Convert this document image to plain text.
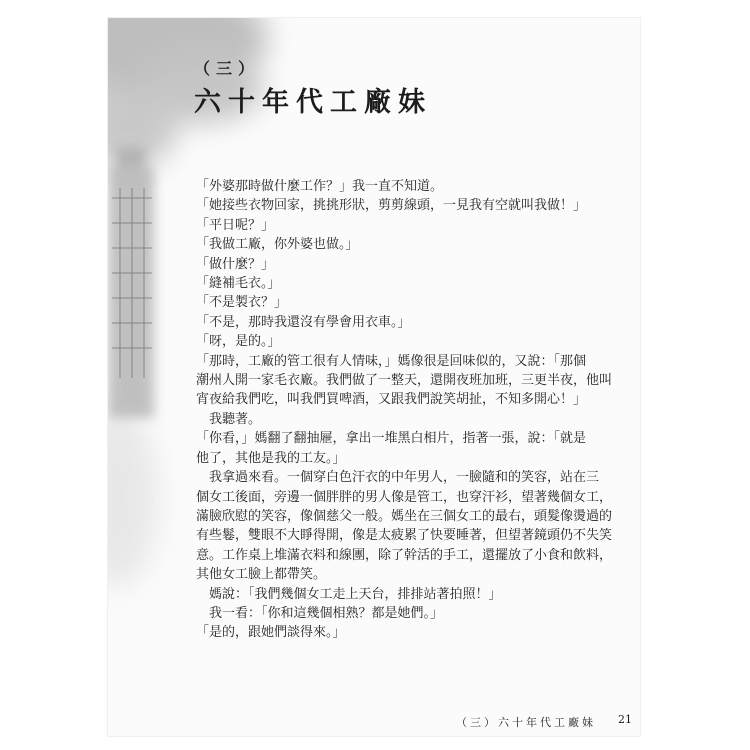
（三）
六十年代工廠妹

「外婆那時做什麼工作？」我一直不知道。

「她接些衣物回家，挑挑形狀，剪剪線頭，一見我有空就叫我做！」

「平日呢？」

「我做工廠，你外婆也做。」

「做什麼？」

「縫補毛衣。」

「不是製衣？」

「不是，那時我還沒有學會用衣車。」

「呀，是的。」

「那時，工廠的管工很有人情味，」媽像很是回味似的，又說：「那個

潮州人開一家毛衣廠。我們做了一整天，還開夜班加班，三更半夜，他叫

宵夜給我們吃，叫我們買啤酒，又跟我們說笑胡扯，不知多開心！」

我聽著。

「你看，」媽翻了翻抽屜，拿出一堆黑白相片，指著一張，說：「就是

他了，其他是我的工友。」

我拿過來看。一個穿白色汗衣的中年男人，一臉隨和的笑容，站在三

個女工後面，旁邊一個胖胖的男人像是管工，也穿汗衫，望著幾個女工，

滿臉欣慰的笑容，像個慈父一般。媽坐在三個女工的最右，頭髮像燙過的

有些鬈，雙眼不大睜得開，像是太疲累了快要睡著，但望著鏡頭仍不失笑

意。工作桌上堆滿衣料和線團，除了幹活的手工，還擺放了小食和飲料，

其他女工臉上都帶笑。

媽說：「我們幾個女工走上天台，排排站著拍照！」

我一看：「你和這幾個相熟？都是她們。」

「是的，跟她們談得來。」

（三）六十年代工廠妹 21
